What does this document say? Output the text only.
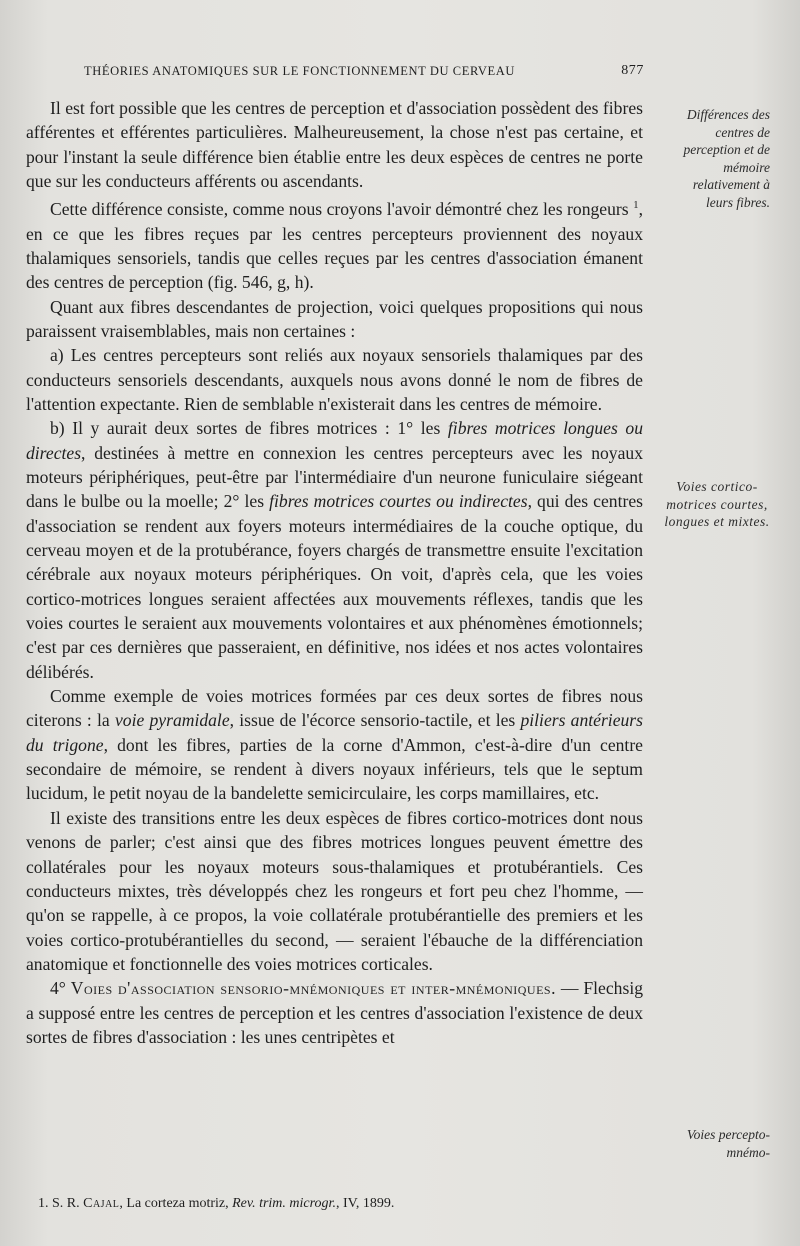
THÉORIES ANATOMIQUES SUR LE FONCTIONNEMENT DU CERVEAU	877

Il est fort possible que les centres de perception et d'association possèdent des fibres afférentes et efférentes particulières. Malheureusement, la chose n'est pas certaine, et pour l'instant la seule différence bien établie entre les deux espèces de centres ne porte que sur les conducteurs afférents ou ascendants.

Cette différence consiste, comme nous croyons l'avoir démontré chez les rongeurs $^1$, en ce que les fibres reçues par les centres percepteurs proviennent des noyaux thalamiques sensoriels, tandis que celles reçues par les centres d'association émanent des centres de perception (fig. 546, g, h).

Quant aux fibres descendantes de projection, voici quelques propositions qui nous paraissent vraisemblables, mais non certaines :

a) Les centres percepteurs sont reliés aux noyaux sensoriels thalamiques par des conducteurs sensoriels descendants, auxquels nous avons donné le nom de fibres de l'attention expectante. Rien de semblable n'existerait dans les centres de mémoire.

b) Il y aurait deux sortes de fibres motrices : 1° les fibres motrices longues ou directes, destinées à mettre en connexion les centres percepteurs avec les noyaux moteurs périphériques, peut-être par l'intermédiaire d'un neurone funiculaire siégeant dans le bulbe ou la moelle; 2° les fibres motrices courtes ou indirectes, qui des centres d'association se rendent aux foyers moteurs intermédiaires de la couche optique, du cerveau moyen et de la protubérance, foyers chargés de transmettre ensuite l'excitation cérébrale aux noyaux moteurs périphériques. On voit, d'après cela, que les voies cortico-motrices longues seraient affectées aux mouvements réflexes, tandis que les voies courtes le seraient aux mouvements volontaires et aux phénomènes émotionnels; c'est par ces dernières que passeraient, en définitive, nos idées et nos actes volontaires délibérés.

Comme exemple de voies motrices formées par ces deux sortes de fibres nous citerons : la voie pyramidale, issue de l'écorce sensorio-tactile, et les piliers antérieurs du trigone, dont les fibres, parties de la corne d'Ammon, c'est-à-dire d'un centre secondaire de mémoire, se rendent à divers noyaux inférieurs, tels que le septum lucidum, le petit noyau de la bandelette semicirculaire, les corps mamillaires, etc.

Il existe des transitions entre les deux espèces de fibres cortico-motrices dont nous venons de parler; c'est ainsi que des fibres motrices longues peuvent émettre des collatérales pour les noyaux moteurs sous-thalamiques et protubérantiels. Ces conducteurs mixtes, très développés chez les rongeurs et fort peu chez l'homme, — qu'on se rappelle, à ce propos, la voie collatérale protubérantielle des premiers et les voies cortico-protubérantielles du second, — seraient l'ébauche de la différenciation anatomique et fonctionnelle des voies motrices corticales.

4° Voies d'association sensorio-mnémoniques et inter-mnémoniques. — Flechsig a supposé entre les centres de perception et les centres d'association l'existence de deux sortes de fibres d'association : les unes centripètes et

Différences des centres de perception et de mémoire relativement à leurs fibres.
Voies cortico-motrices courtes, longues et mixtes.
Voies percepto-mnémo-
1. S. R. Cajal, La corteza motriz, Rev. trim. microgr., IV, 1899.
